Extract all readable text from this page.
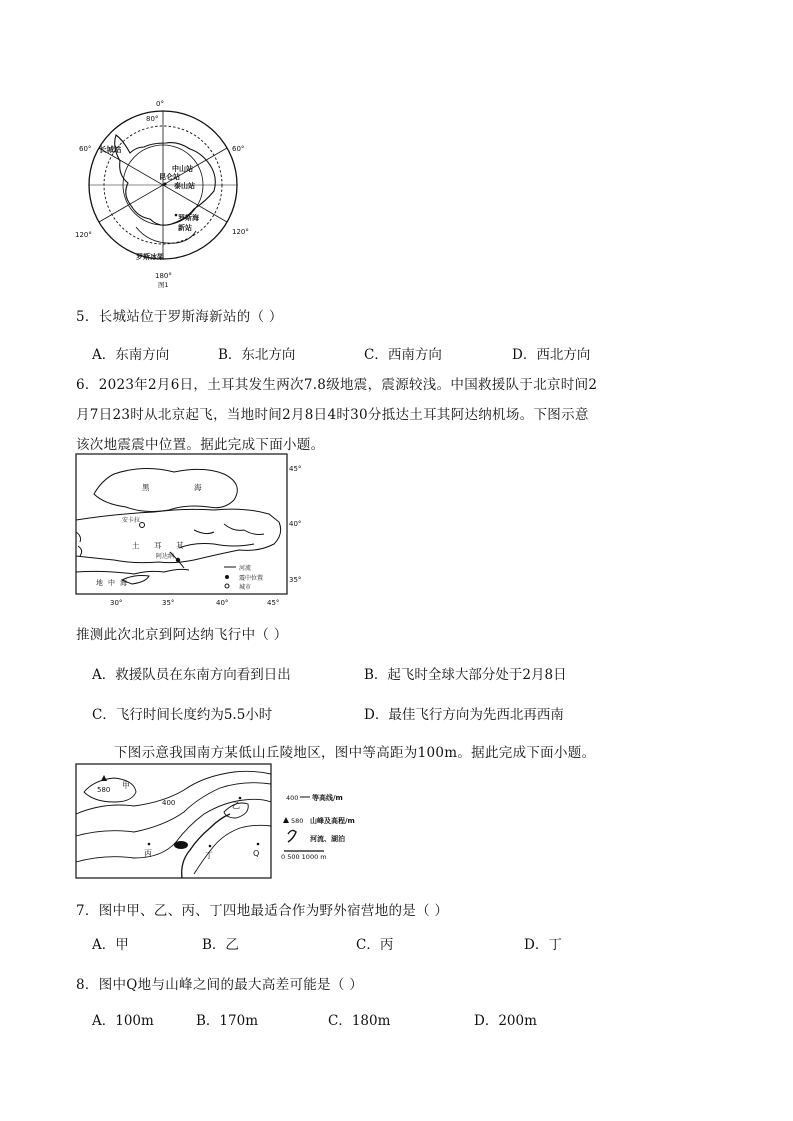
0°
80°
60°	60°
120°	120°
180°
长城站
昆仑站
中山站
泰山站
罗斯海
新站
罗斯冰架
图1
5．长城站位于罗斯海新站的（ ）
A．东南方向	B．东北方向	C．西南方向	D．西北方向
6．2023年2月6日，土耳其发生两次7.8级地震，震源较浅。中国救援队于北京时间2
月7日23时从北京起飞，当地时间2月8日4时30分抵达土耳其阿达纳机场。下图示意
该次地震震中位置。据此完成下面小题。
黑	海
安卡拉
土 耳 其
阿达纳
地 中 海
河流
震中位置
城市
45°
40°
35°
30°	35°	40°	45°
推测此次北京到阿达纳飞行中（ ）
A．救援队员在东南方向看到日出	B．起飞时全球大部分处于2月8日
C．飞行时间长度约为5.5小时	D．最佳飞行方向为先西北再西南
下图示意我国南方某低山丘陵地区，图中等高距为100m。据此完成下面小题。
580 甲
400	乙
丙	丁	Q
400 等高线/m
580 山峰及高程/m
河流、湖泊
0 500 1000 m
7．图中甲、乙、丙、丁四地最适合作为野外宿营地的是（ ）
A．甲	B．乙	C．丙	D．丁
8．图中Q地与山峰之间的最大高差可能是（ ）
A．100m	B．170m	C．180m	D．200m
